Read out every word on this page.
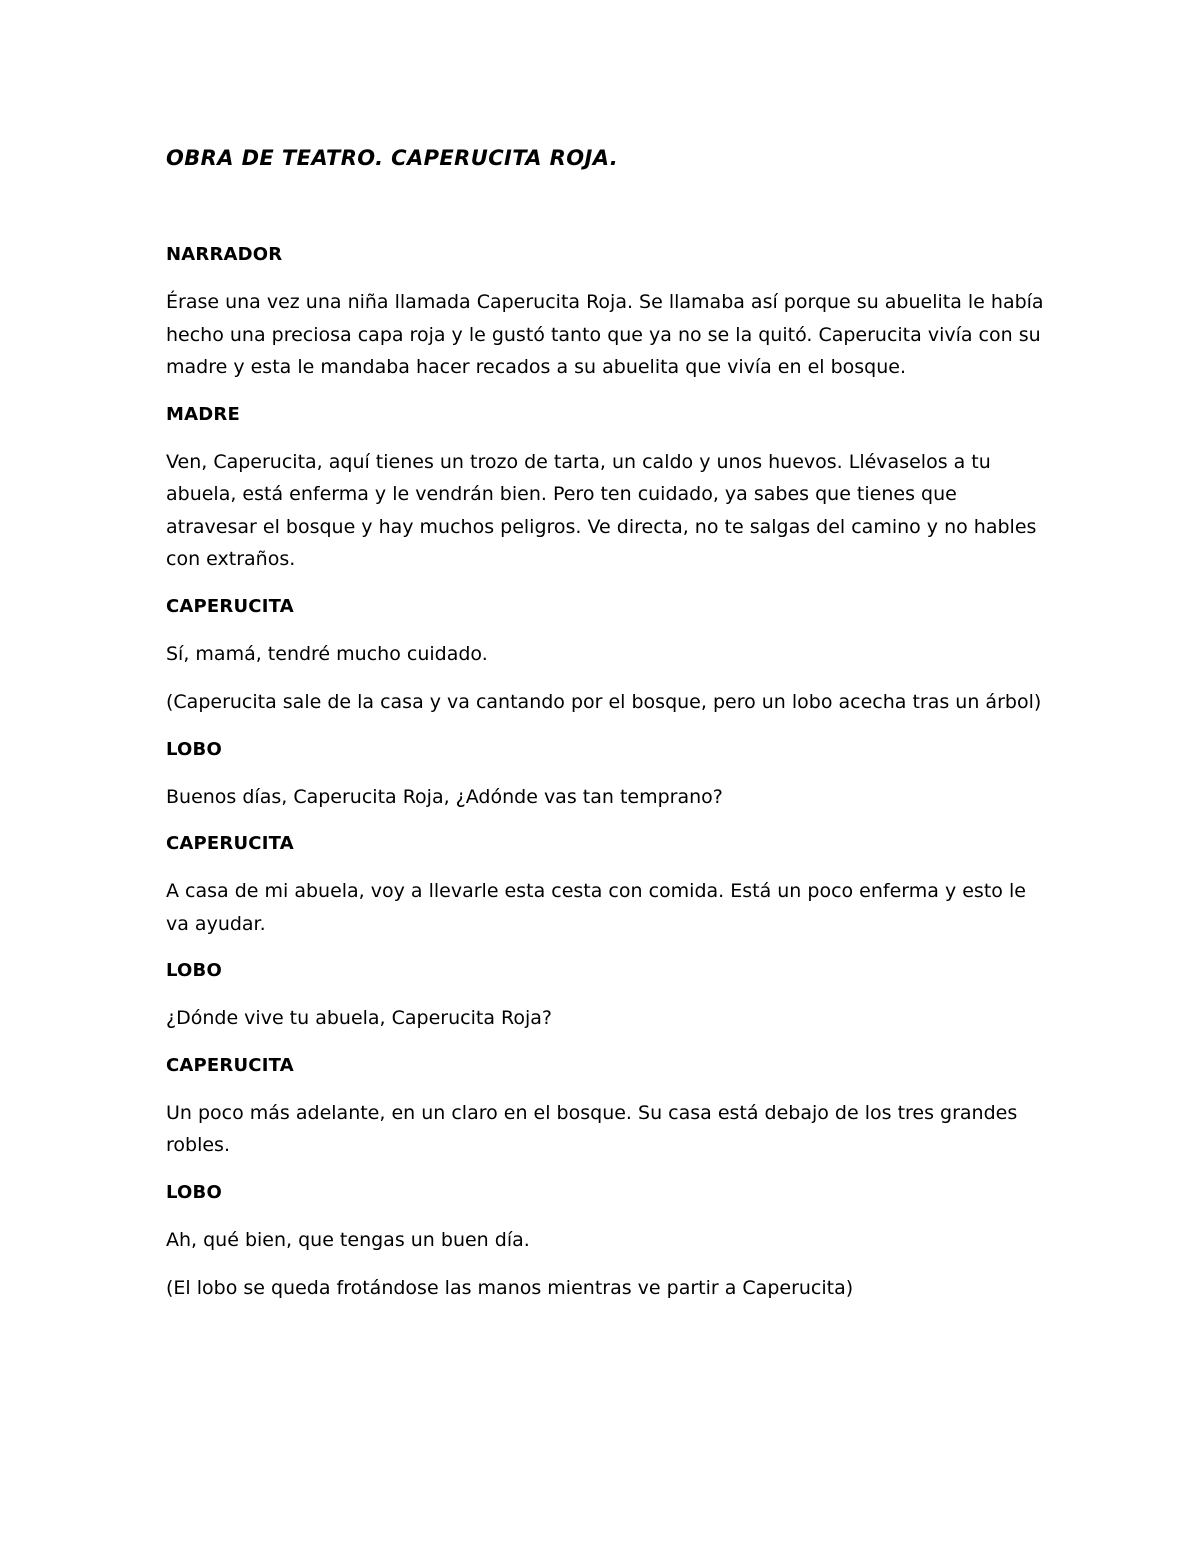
OBRA DE TEATRO. CAPERUCITA ROJA.

NARRADOR

Érase una vez una niña llamada Caperucita Roja. Se llamaba así porque su abuelita le había hecho una preciosa capa roja y le gustó tanto que ya no se la quitó. Caperucita vivía con su madre y esta le mandaba hacer recados a su abuelita que vivía en el bosque.

MADRE

Ven, Caperucita, aquí tienes un trozo de tarta, un caldo y unos huevos. Llévaselos a tu abuela, está enferma y le vendrán bien. Pero ten cuidado, ya sabes que tienes que atravesar el bosque y hay muchos peligros. Ve directa, no te salgas del camino y no hables con extraños.

CAPERUCITA

Sí, mamá, tendré mucho cuidado.

(Caperucita sale de la casa y va cantando por el bosque, pero un lobo acecha tras un árbol)

LOBO

Buenos días, Caperucita Roja, ¿Adónde vas tan temprano?

CAPERUCITA

A casa de mi abuela, voy a llevarle esta cesta con comida. Está un poco enferma y esto le va ayudar.

LOBO

¿Dónde vive tu abuela, Caperucita Roja?

CAPERUCITA

Un poco más adelante, en un claro en el bosque. Su casa está debajo de los tres grandes robles.

LOBO

Ah, qué bien, que tengas un buen día.

(El lobo se queda frotándose las manos mientras ve partir a Caperucita)
